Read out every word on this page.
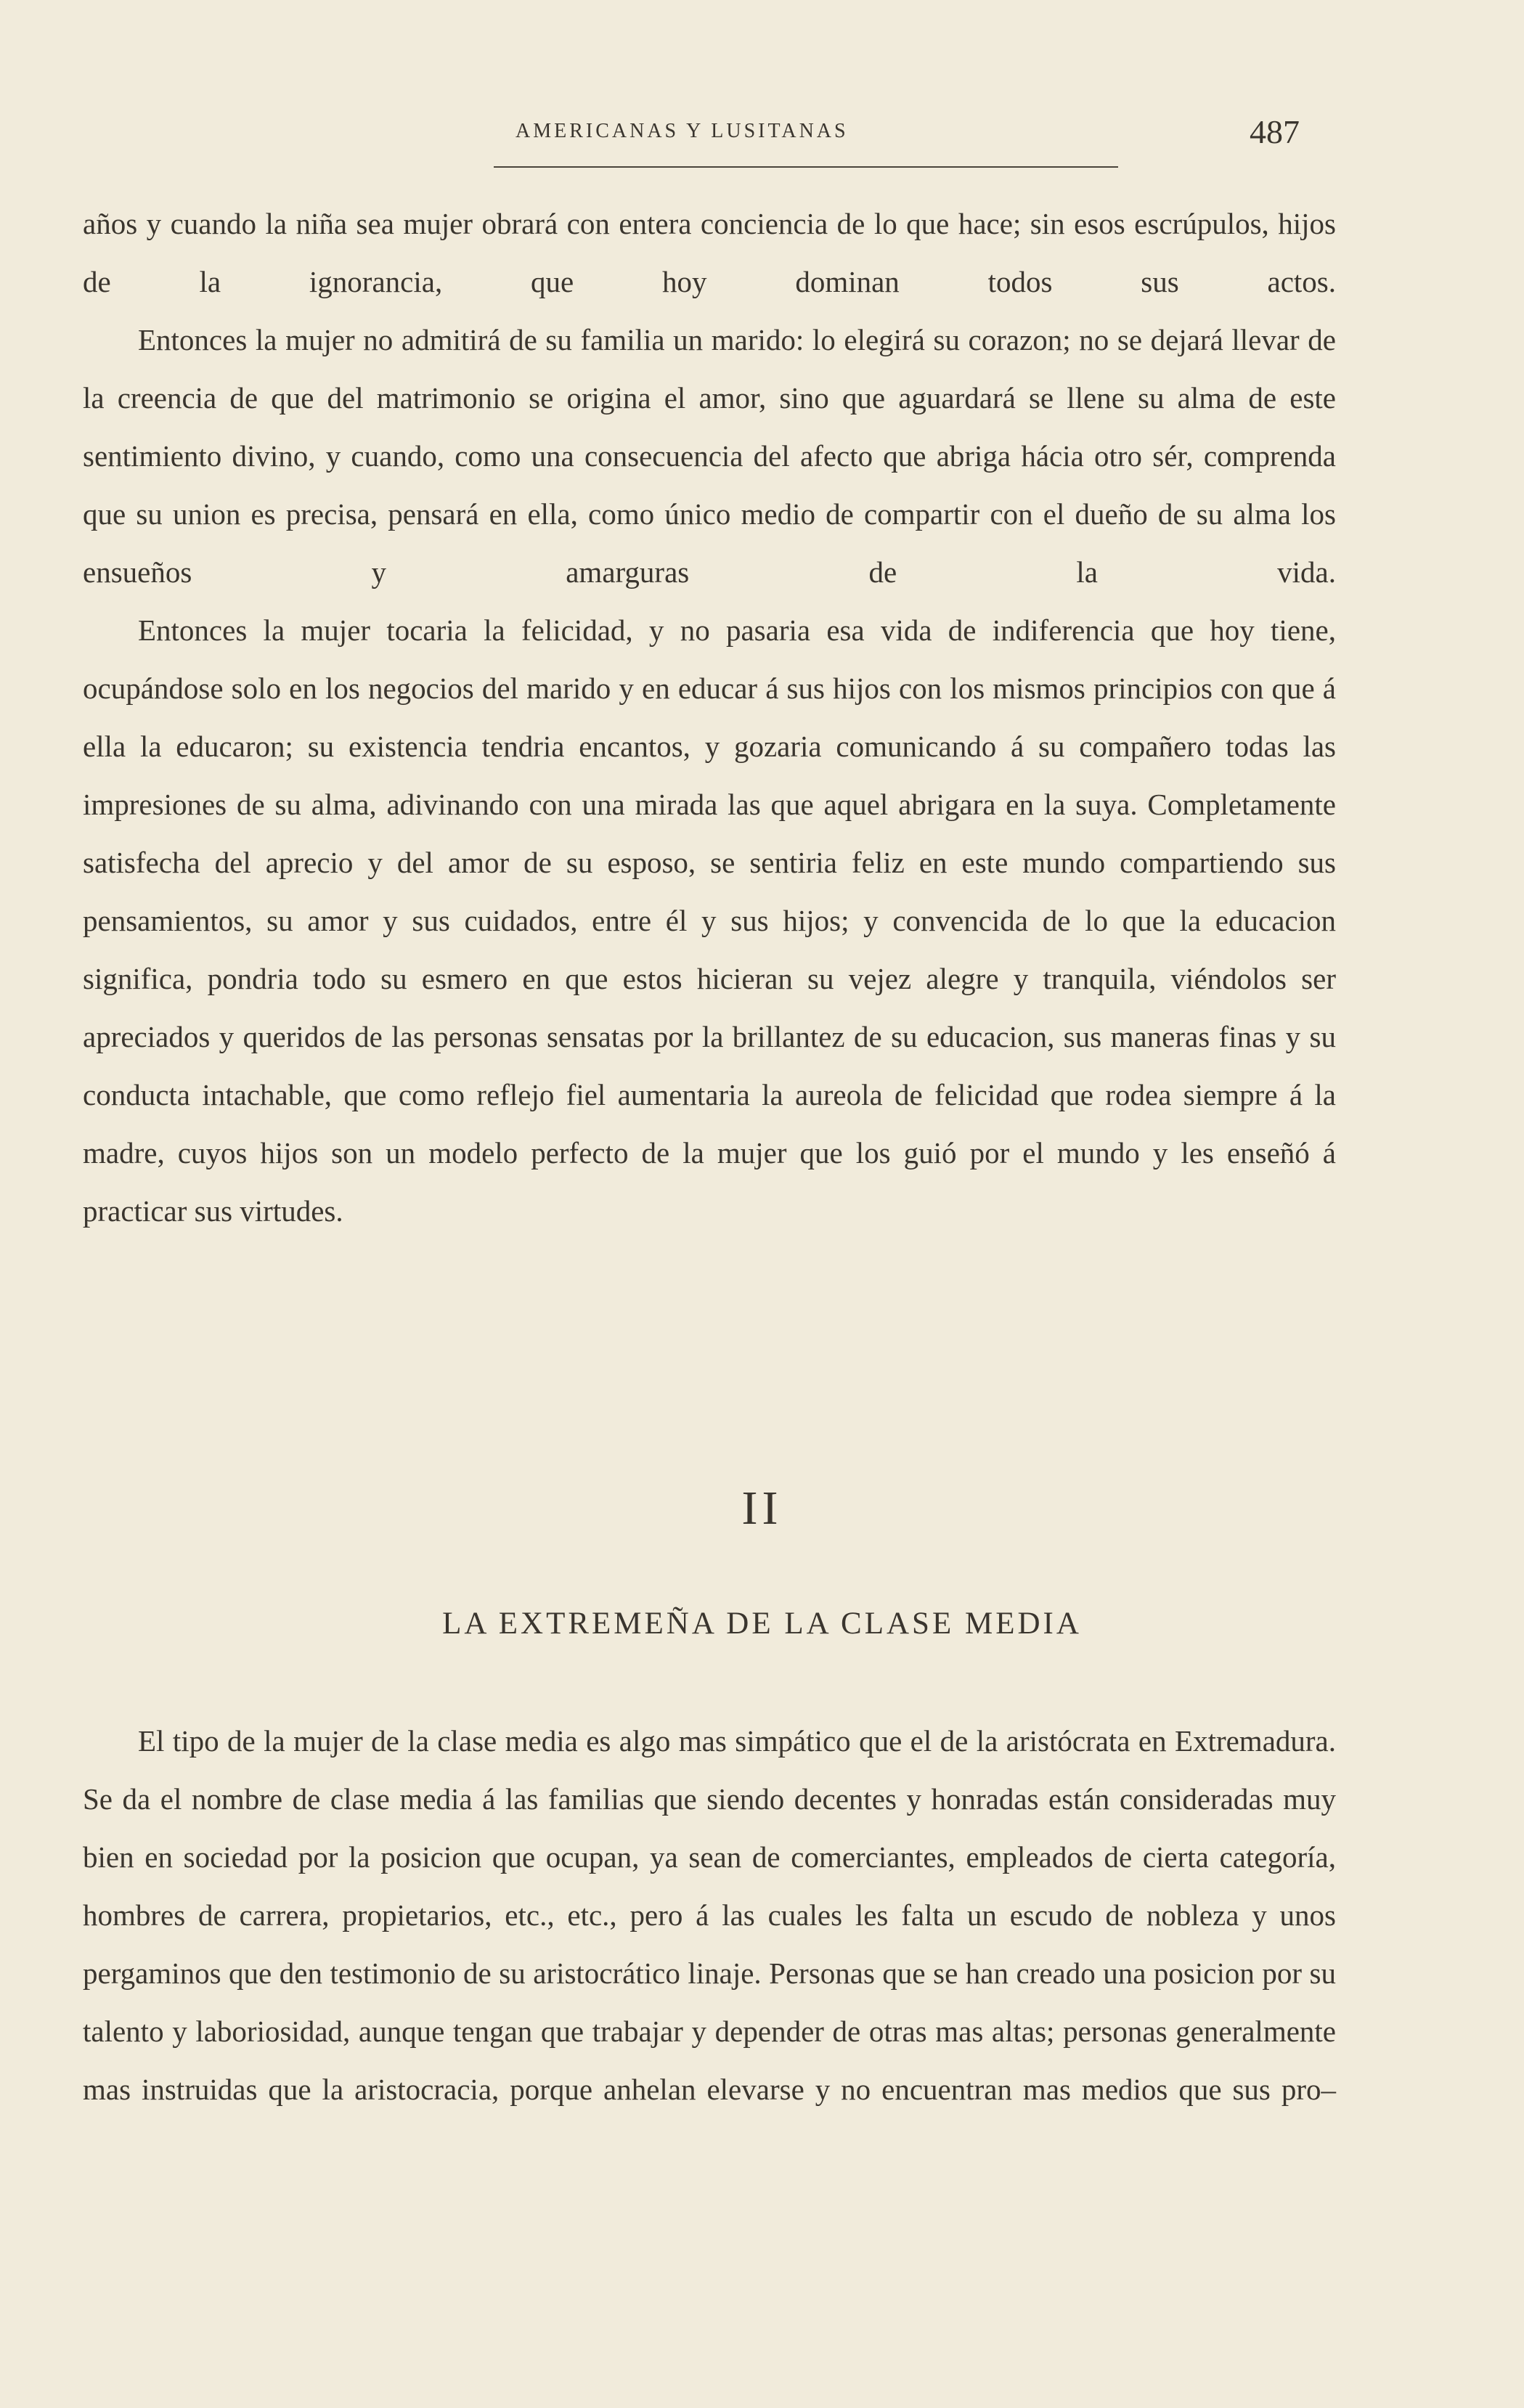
AMERICANAS Y LUSITANAS	487

años y cuando la niña sea mujer obrará con entera conciencia de lo que hace; sin esos escrúpulos, hijos de la ignorancia, que hoy dominan todos sus actos.

Entonces la mujer no admitirá de su familia un marido: lo elegirá su corazon; no se dejará llevar de la creencia de que del matrimonio se origina el amor, sino que aguardará se llene su alma de este sentimiento divino, y cuando, como una consecuencia del afecto que abriga hácia otro sér, comprenda que su union es precisa, pensará en ella, como único medio de compartir con el dueño de su alma los ensueños y amarguras de la vida.

Entonces la mujer tocaria la felicidad, y no pasaria esa vida de indiferencia que hoy tiene, ocupándose solo en los negocios del marido y en educar á sus hijos con los mismos principios con que á ella la educaron; su existencia tendria encantos, y gozaria comunicando á su compañero todas las impresiones de su alma, adivinando con una mirada las que aquel abrigara en la suya. Completamente satisfecha del aprecio y del amor de su esposo, se sentiria feliz en este mundo compartiendo sus pensamientos, su amor y sus cuidados, entre él y sus hijos; y convencida de lo que la educacion significa, pondria todo su esmero en que estos hicieran su vejez alegre y tranquila, viéndolos ser apreciados y queridos de las personas sensatas por la brillantez de su educacion, sus maneras finas y su conducta intachable, que como reflejo fiel aumentaria la aureola de felicidad que rodea siempre á la madre, cuyos hijos son un modelo perfecto de la mujer que los guió por el mundo y les enseñó á practicar sus virtudes.

II
LA EXTREMEÑA DE LA CLASE MEDIA

El tipo de la mujer de la clase media es algo mas simpático que el de la aristócrata en Extremadura. Se da el nombre de clase media á las familias que siendo decentes y honradas están consideradas muy bien en sociedad por la posicion que ocupan, ya sean de comerciantes, empleados de cierta categoría, hombres de carrera, propietarios, etc., etc., pero á las cuales les falta un escudo de nobleza y unos pergaminos que den testimonio de su aristocrático linaje. Personas que se han creado una posicion por su talento y laboriosidad, aunque tengan que trabajar y depender de otras mas altas; personas generalmente mas instruidas que la aristocracia, porque anhelan elevarse y no encuentran mas medios que sus pro–
